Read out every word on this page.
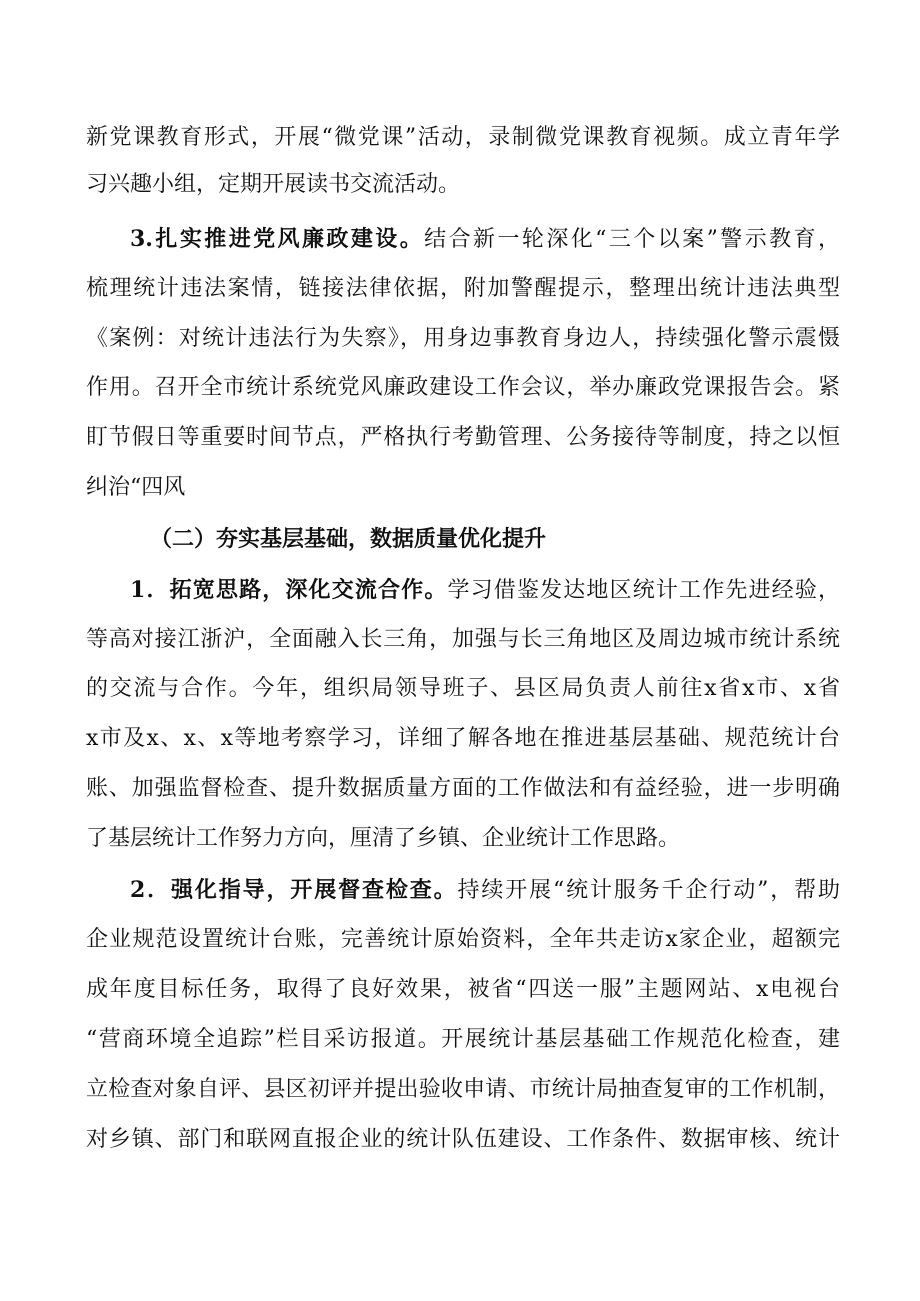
新党课教育形式，开展“微党课”活动，录制微党课教育视频。成立青年学
习兴趣小组，定期开展读书交流活动。
3.扎实推进党风廉政建设。结合新一轮深化“三个以案”警示教育，
梳理统计违法案情，链接法律依据，附加警醒提示，整理出统计违法典型
《案例：对统计违法行为失察》，用身边事教育身边人，持续强化警示震慑
作用。召开全市统计系统党风廉政建设工作会议，举办廉政党课报告会。紧
盯节假日等重要时间节点，严格执行考勤管理、公务接待等制度，持之以恒
纠治“四风
（二）夯实基层基础，数据质量优化提升
1．拓宽思路，深化交流合作。学习借鉴发达地区统计工作先进经验，
等高对接江浙沪，全面融入长三角，加强与长三角地区及周边城市统计系统
的交流与合作。今年，组织局领导班子、县区局负责人前往x省x市、x省
x市及x、x、x等地考察学习，详细了解各地在推进基层基础、规范统计台
账、加强监督检查、提升数据质量方面的工作做法和有益经验，进一步明确
了基层统计工作努力方向，厘清了乡镇、企业统计工作思路。
2．强化指导，开展督查检查。持续开展“统计服务千企行动”，帮助
企业规范设置统计台账，完善统计原始资料，全年共走访x家企业，超额完
成年度目标任务，取得了良好效果，被省“四送一服”主题网站、x电视台
“营商环境全追踪”栏目采访报道。开展统计基层基础工作规范化检查，建
立检查对象自评、县区初评并提出验收申请、市统计局抽查复审的工作机制，
对乡镇、部门和联网直报企业的统计队伍建设、工作条件、数据审核、统计
